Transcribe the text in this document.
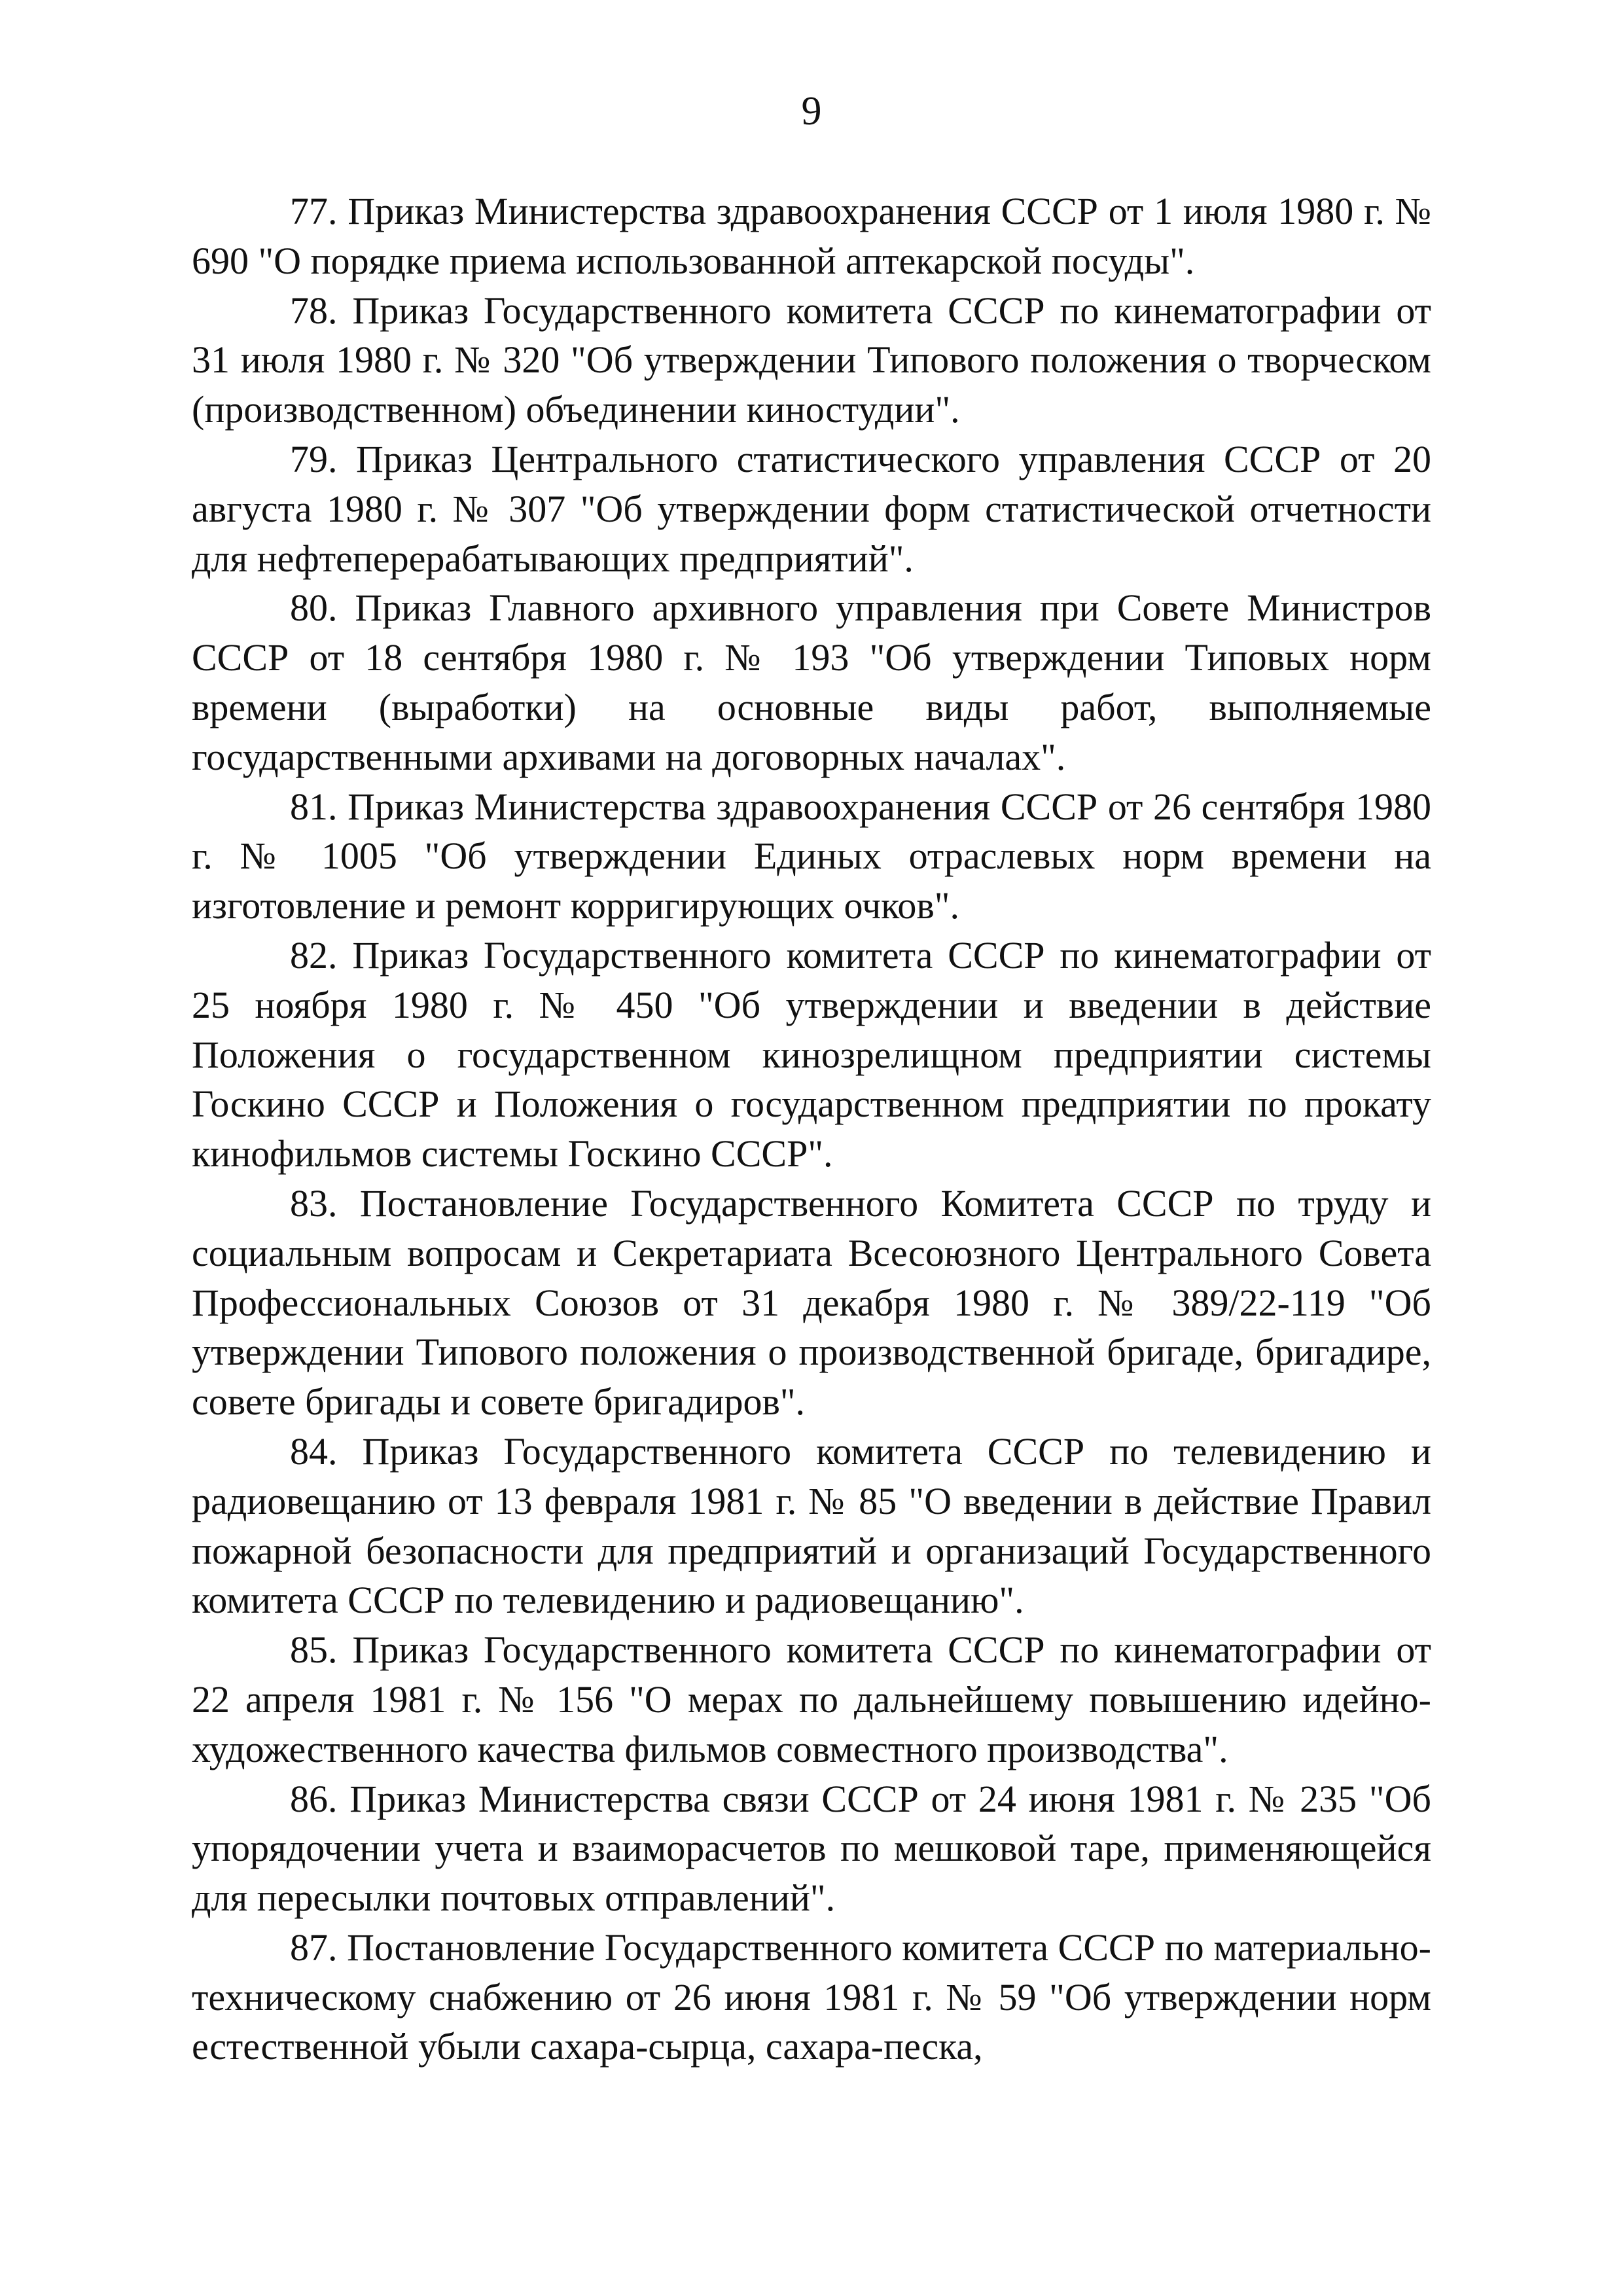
9

77. Приказ Министерства здравоохранения СССР от 1 июля 1980 г. № 690 "О порядке приема использованной аптекарской посуды".

78. Приказ Государственного комитета СССР по кинематографии от 31 июля 1980 г. № 320 "Об утверждении Типового положения о творческом (производственном) объединении киностудии".

79. Приказ Центрального статистического управления СССР от 20 августа 1980 г. № 307 "Об утверждении форм статистической отчетности для нефтеперерабатывающих предприятий".

80. Приказ Главного архивного управления при Совете Министров СССР от 18 сентября 1980 г. № 193 "Об утверждении Типовых норм времени (выработки) на основные виды работ, выполняемые государственными архивами на договорных началах".

81. Приказ Министерства здравоохранения СССР от 26 сентября 1980 г. № 1005 "Об утверждении Единых отраслевых норм времени на изготовление и ремонт корригирующих очков".

82. Приказ Государственного комитета СССР по кинематографии от 25 ноября 1980 г. № 450 "Об утверждении и введении в действие Положения о государственном кинозрелищном предприятии системы Госкино СССР и Положения о государственном предприятии по прокату кинофильмов системы Госкино СССР".

83. Постановление Государственного Комитета СССР по труду и социальным вопросам и Секретариата Всесоюзного Центрального Совета Профессиональных Союзов от 31 декабря 1980 г. № 389/22-119 "Об утверждении Типового положения о производственной бригаде, бригадире, совете бригады и совете бригадиров".

84. Приказ Государственного комитета СССР по телевидению и радиовещанию от 13 февраля 1981 г. № 85 "О введении в действие Правил пожарной безопасности для предприятий и организаций Государственного комитета СССР по телевидению и радиовещанию".

85. Приказ Государственного комитета СССР по кинематографии от 22 апреля 1981 г. № 156 "О мерах по дальнейшему повышению идейно-художественного качества фильмов совместного производства".

86. Приказ Министерства связи СССР от 24 июня 1981 г. № 235 "Об упорядочении учета и взаиморасчетов по мешковой таре, применяющейся для пересылки почтовых отправлений".

87. Постановление Государственного комитета СССР по материально-техническому снабжению от 26 июня 1981 г. № 59 "Об утверждении норм естественной убыли сахара-сырца, сахара-песка,
